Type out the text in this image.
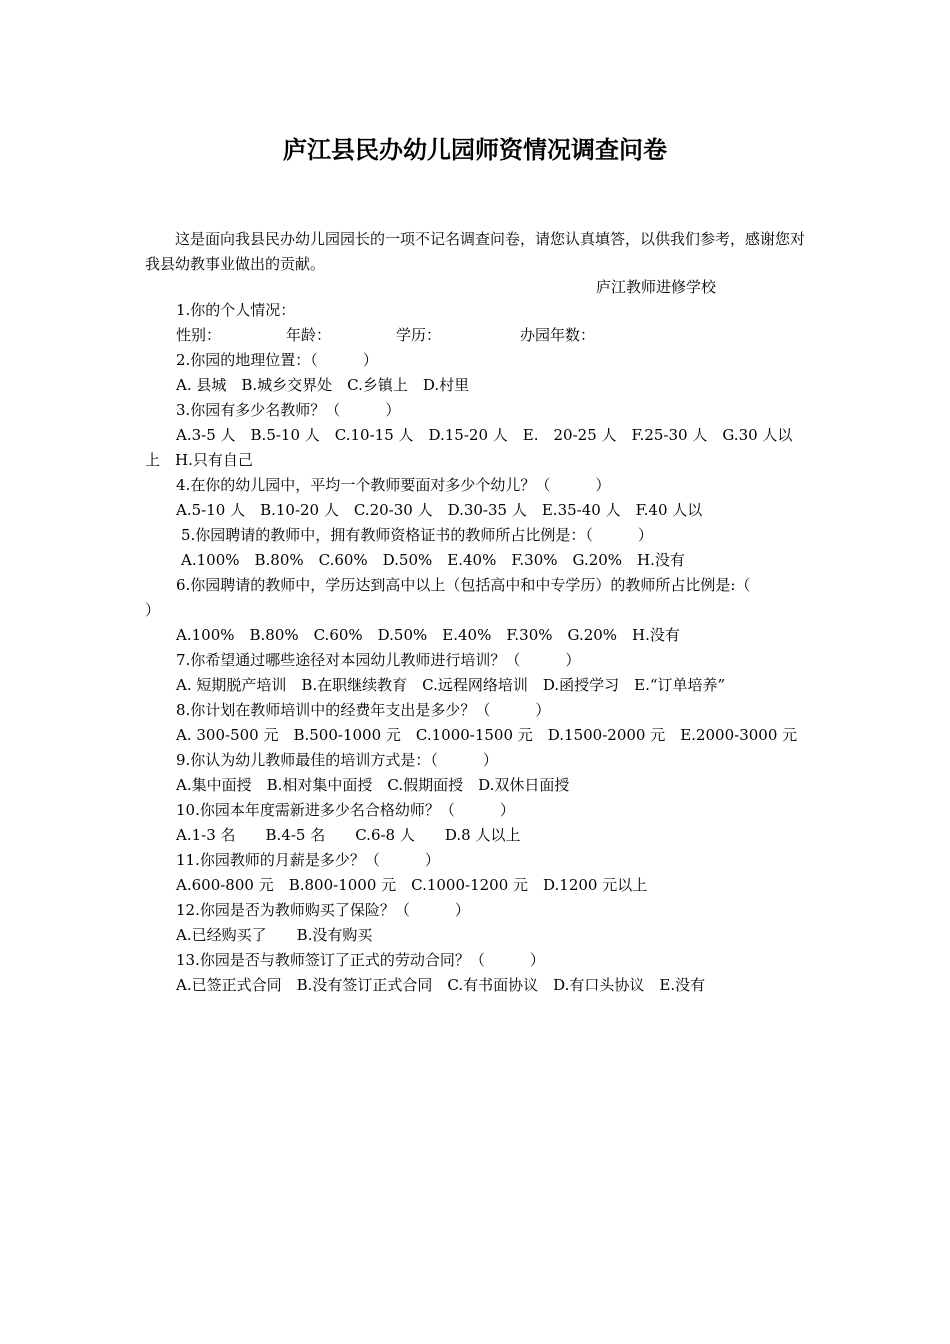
庐江县民办幼儿园师资情况调查问卷
这是面向我县民办幼儿园园长的一项不记名调查问卷，请您认真填答，以供我们参考，感谢您对我县幼教事业做出的贡献。
庐江教师进修学校
1.你的个人情况：
性别：	年龄：	学历：	办园年数：
2.你园的地理位置：（　　　）
A. 县城　B.城乡交界处　C.乡镇上　D.村里
3.你园有多少名教师？（　　　）
A.3-5 人　B.5-10 人　C.10-15 人　D.15-20 人　E.　20-25 人　F.25-30 人　G.30 人以
上　H.只有自己
4.在你的幼儿园中，平均一个教师要面对多少个幼儿？（　　　）
A.5-10 人　B.10-20 人　C.20-30 人　D.30-35 人　E.35-40 人　F.40 人以
5.你园聘请的教师中，拥有教师资格证书的教师所占比例是：（　　　）
A.100%　B.80%　C.60%　D.50%　E.40%　F.30%　G.20%　H.没有
6.你园聘请的教师中，学历达到高中以上（包括高中和中专学历）的教师所占比例是:（
）
A.100%　B.80%　C.60%　D.50%　E.40%　F.30%　G.20%　H.没有
7.你希望通过哪些途径对本园幼儿教师进行培训？（　　　）
A. 短期脱产培训　B.在职继续教育　C.远程网络培训　D.函授学习　E.“订单培养”
8.你计划在教师培训中的经费年支出是多少？（　　　）
A. 300-500 元　B.500-1000 元　C.1000-1500 元　D.1500-2000 元　E.2000-3000 元
9.你认为幼儿教师最佳的培训方式是：（　　　）
A.集中面授　B.相对集中面授　C.假期面授　D.双休日面授
10.你园本年度需新进多少名合格幼师？（　　　）
A.1-3 名　　B.4-5 名　　C.6-8 人　　D.8 人以上
11.你园教师的月薪是多少？（　　　）
A.600-800 元　B.800-1000 元　C.1000-1200 元　D.1200 元以上
12.你园是否为教师购买了保险？（　　　）
A.已经购买了　　B.没有购买
13.你园是否与教师签订了正式的劳动合同？（　　　）
A.已签正式合同　B.没有签订正式合同　C.有书面协议　D.有口头协议　E.没有
